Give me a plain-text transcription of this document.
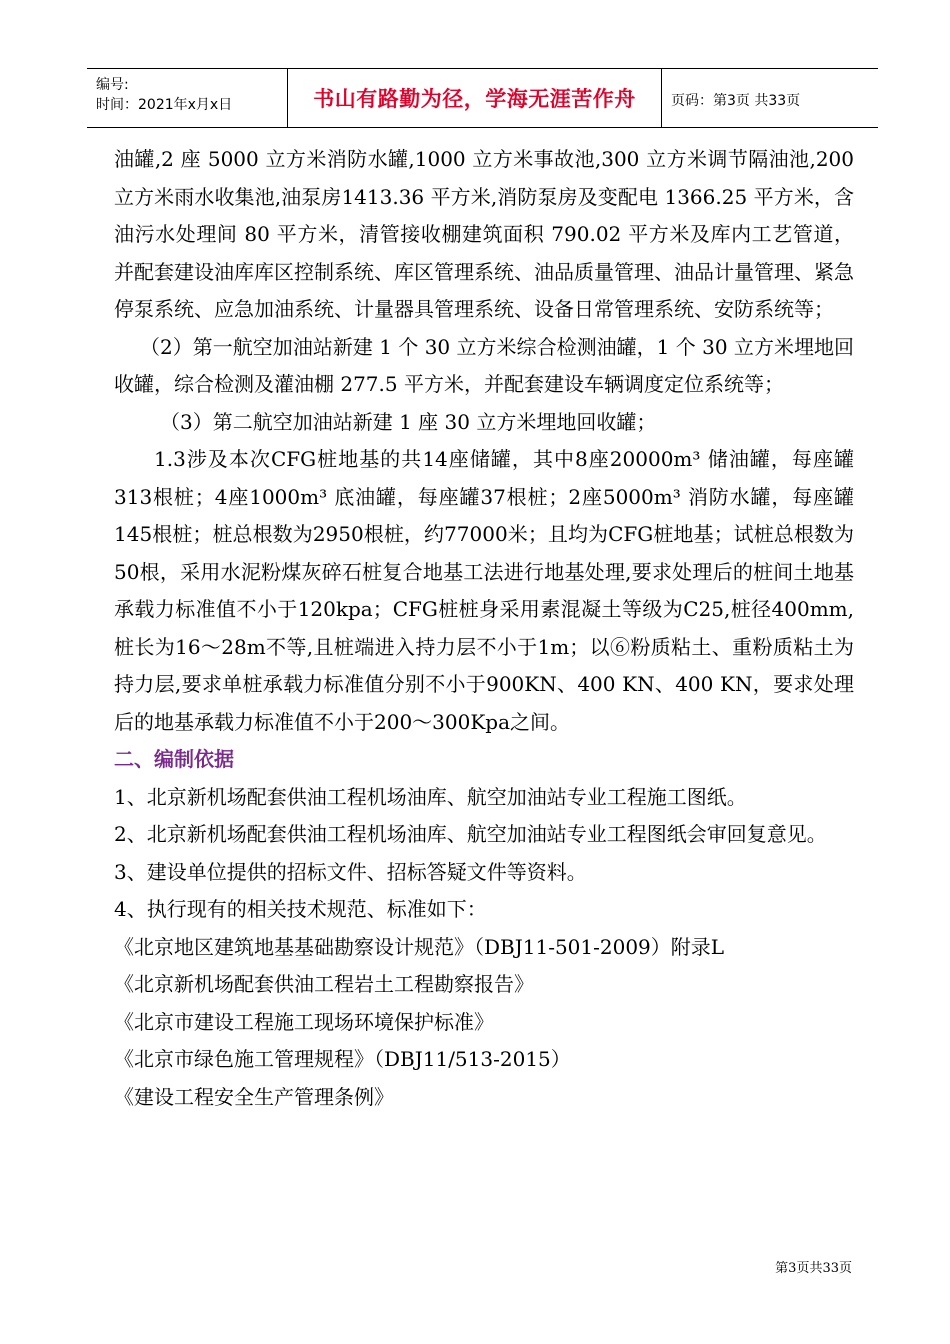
编号:
时间：2021年x月x日	书山有路勤为径，学海无涯苦作舟	页码：第3页 共33页

油罐,2 座 5000 立方米消防水罐,1000 立方米事故池,300 立方米调节隔油池,200 立方米雨水收集池,油泵房1413.36 平方米,消防泵房及变配电 1366.25 平方米，含油污水处理间 80 平方米，清管接收棚建筑面积 790.02 平方米及库内工艺管道，并配套建设油库库区控制系统、库区管理系统、油品质量管理、油品计量管理、紧急停泵系统、应急加油系统、计量器具管理系统、设备日常管理系统、安防系统等；

（2）第一航空加油站新建 1 个 30 立方米综合检测油罐，1 个 30 立方米埋地回收罐，综合检测及灌油棚 277.5 平方米，并配套建设车辆调度定位系统等；

（3）第二航空加油站新建 1 座 30 立方米埋地回收罐；

1.3涉及本次CFG桩地基的共14座储罐，其中8座20000m³ 储油罐，每座罐313根桩；4座1000m³ 底油罐，每座罐37根桩；2座5000m³ 消防水罐，每座罐145根桩；桩总根数为2950根桩，约77000米；且均为CFG桩地基；试桩总根数为50根，采用水泥粉煤灰碎石桩复合地基工法进行地基处理,要求处理后的桩间土地基承载力标准值不小于120kpa；CFG桩桩身采用素混凝土等级为C25,桩径400mm,桩长为16～28m不等,且桩端进入持力层不小于1m；以⑥粉质粘土、重粉质粘土为持力层,要求单桩承载力标准值分别不小于900KN、400 KN、400 KN，要求处理后的地基承载力标准值不小于200～300Kpa之间。

二、编制依据

1、北京新机场配套供油工程机场油库、航空加油站专业工程施工图纸。

2、北京新机场配套供油工程机场油库、航空加油站专业工程图纸会审回复意见。

3、建设单位提供的招标文件、招标答疑文件等资料。

4、执行现有的相关技术规范、标准如下：

《北京地区建筑地基基础勘察设计规范》（DBJ11-501-2009）附录L

《北京新机场配套供油工程岩土工程勘察报告》

《北京市建设工程施工现场环境保护标准》

《北京市绿色施工管理规程》（DBJ11/513-2015）

《建设工程安全生产管理条例》

第3页共33页
